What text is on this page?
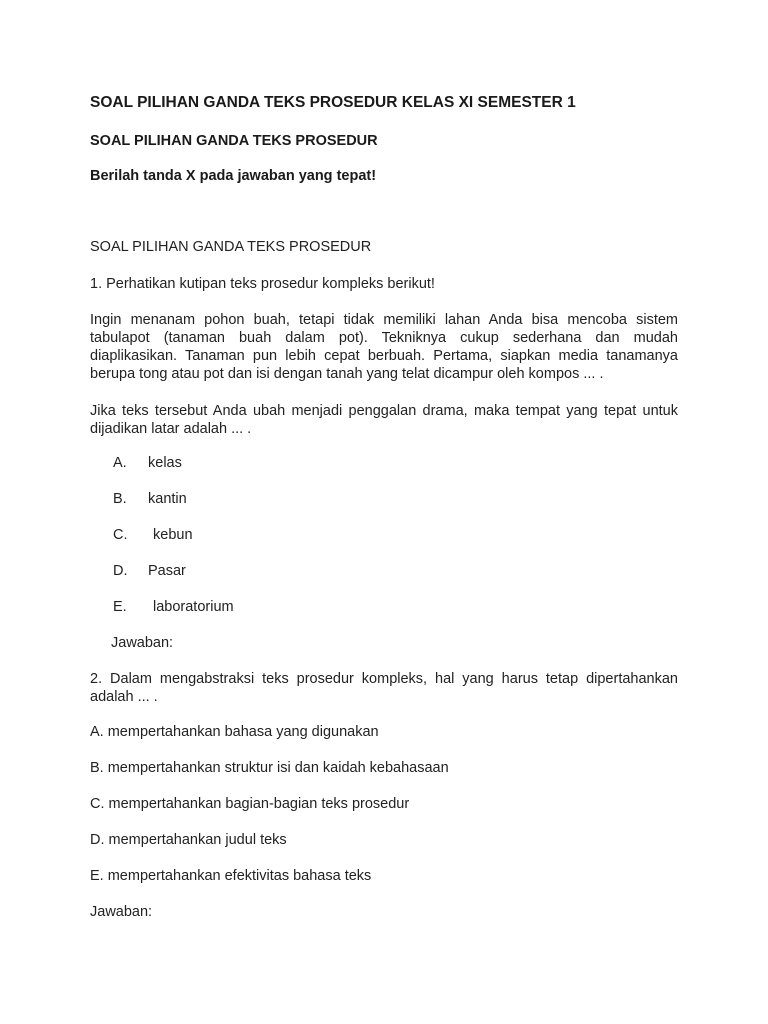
SOAL PILIHAN GANDA TEKS PROSEDUR KELAS XI SEMESTER 1
SOAL PILIHAN GANDA TEKS PROSEDUR
Berilah tanda X pada jawaban yang tepat!
SOAL PILIHAN GANDA TEKS PROSEDUR
1. Perhatikan kutipan teks prosedur kompleks berikut!
Ingin menanam pohon buah, tetapi tidak memiliki lahan Anda bisa mencoba sistem
tabulapot (tanaman buah dalam pot). Tekniknya cukup sederhana dan mudah
diaplikasikan. Tanaman pun lebih cepat berbuah. Pertama, siapkan media tanamanya
berupa tong atau pot dan isi dengan tanah yang telat dicampur oleh kompos ... .
Jika teks tersebut Anda ubah menjadi penggalan drama, maka tempat yang tepat untuk
dijadikan latar adalah ... .
A. kelas
B. kantin
C. kebun
D. Pasar
E. laboratorium
Jawaban:
2. Dalam mengabstraksi teks prosedur kompleks, hal yang harus tetap dipertahankan
adalah ... .
A. mempertahankan bahasa yang digunakan
B. mempertahankan struktur isi dan kaidah kebahasaan
C. mempertahankan bagian-bagian teks prosedur
D. mempertahankan judul teks
E. mempertahankan efektivitas bahasa teks
Jawaban:
